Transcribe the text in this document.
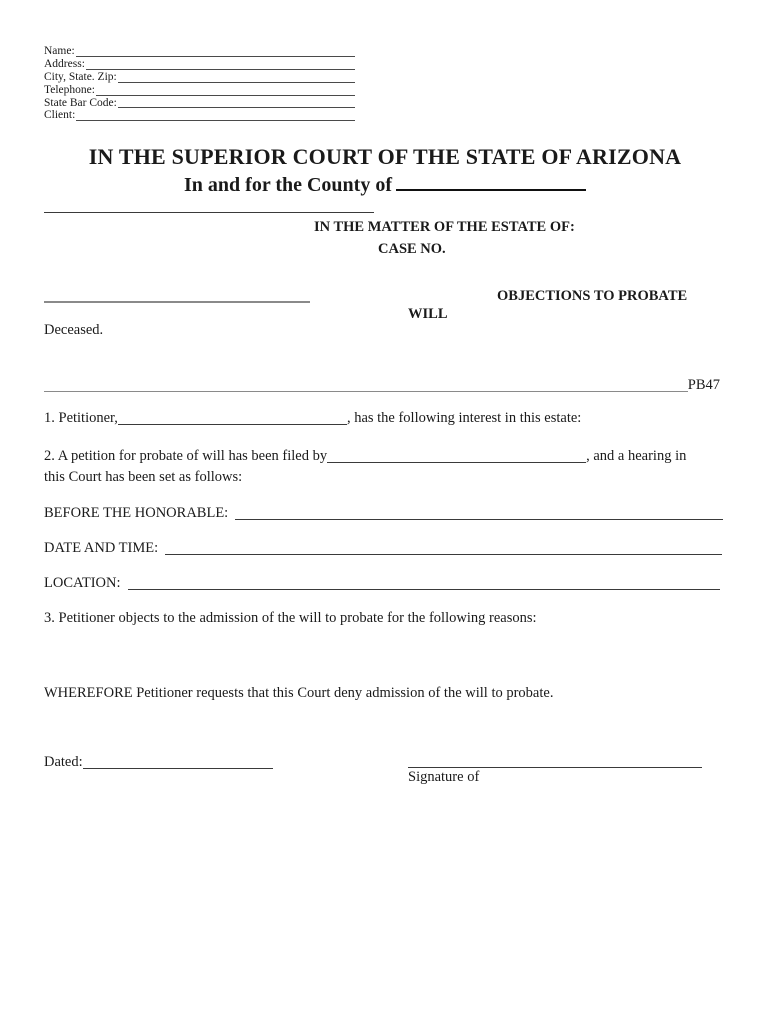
Name:
Address:
City, State. Zip:
Telephone:
State Bar Code:
Client:
IN THE SUPERIOR COURT OF THE STATE OF ARIZONA
In and for the County of
IN THE MATTER OF THE ESTATE OF:
CASE NO.
OBJECTIONS TO PROBATE
WILL
Deceased.
PB47
1. Petitioner,	, has the following interest in this estate:
2. A petition for probate of will has been filed by	, and a hearing in
this Court has been set as follows:
BEFORE THE HONORABLE:
DATE AND TIME:
LOCATION:
3. Petitioner objects to the admission of the will to probate for the following reasons:
WHEREFORE Petitioner requests that this Court deny admission of the will to probate.
Dated:
Signature of
